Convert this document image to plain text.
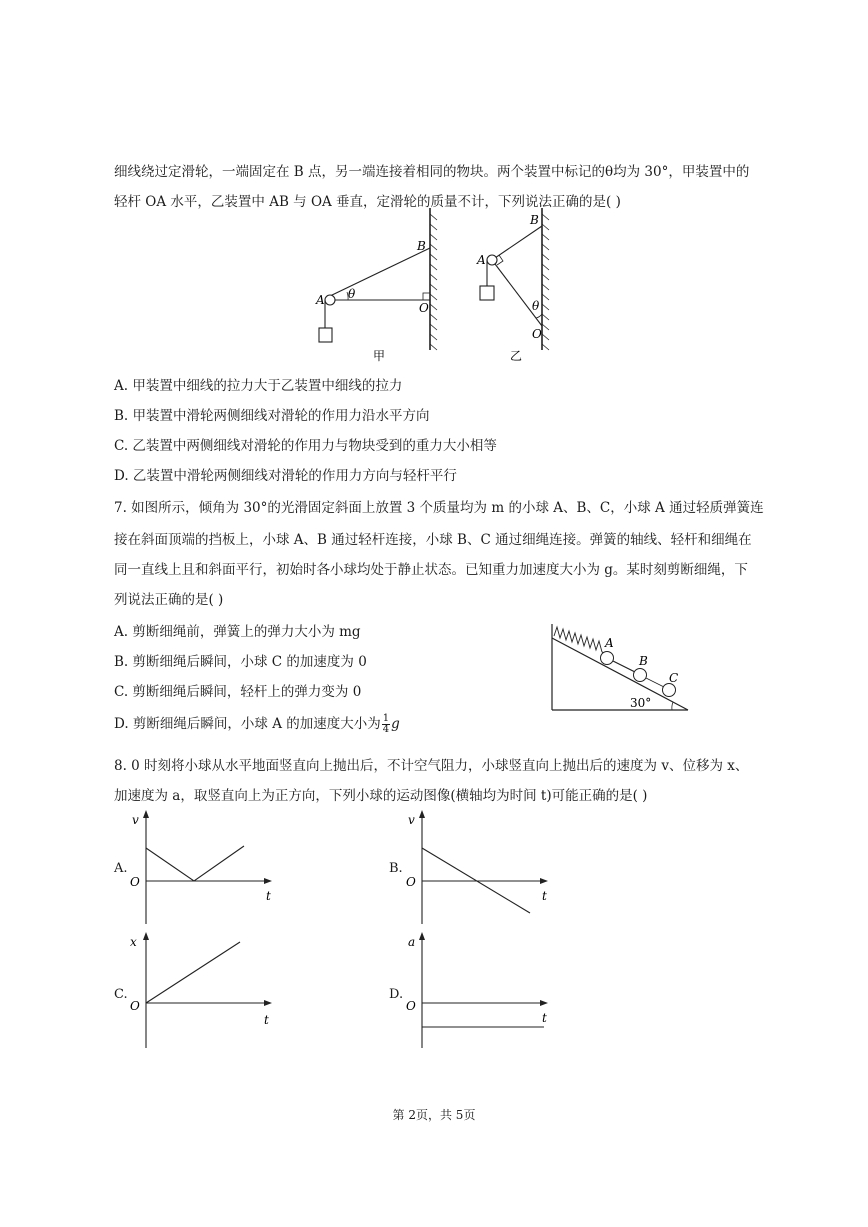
细线绕过定滑轮，一端固定在 B 点，另一端连接着相同的物块。两个装置中标记的θ均为 30°，甲装置中的
轻杆 OA 水平，乙装置中 AB 与 OA 垂直，定滑轮的质量不计，下列说法正确的是( )
A
B
O
θ
甲
A
B
O
θ
乙
A. 甲装置中细线的拉力大于乙装置中细线的拉力
B. 甲装置中滑轮两侧细线对滑轮的作用力沿水平方向
C. 乙装置中两侧细线对滑轮的作用力与物块受到的重力大小相等
D. 乙装置中滑轮两侧细线对滑轮的作用力方向与轻杆平行
7. 如图所示，倾角为 30°的光滑固定斜面上放置 3 个质量均为 m 的小球 A、B、C，小球 A 通过轻质弹簧连
接在斜面顶端的挡板上，小球 A、B 通过轻杆连接，小球 B、C 通过细绳连接。弹簧的轴线、轻杆和细绳在
同一直线上且和斜面平行，初始时各小球均处于静止状态。已知重力加速度大小为 g。某时刻剪断细绳，下
列说法正确的是( )
A. 剪断细绳前，弹簧上的弹力大小为 mg
B. 剪断细绳后瞬间，小球 C 的加速度为 0
C. 剪断细绳后瞬间，轻杆上的弹力变为 0
D. 剪断细绳后瞬间，小球 A 的加速度大小为 $\frac{1}{4}$ g
A
B
C
30°
8. 0 时刻将小球从水平地面竖直向上抛出后，不计空气阻力，小球竖直向上抛出后的速度为 v、位移为 x、
加速度为 a，取竖直向上为正方向，下列小球的运动图像(横轴均为时间 t)可能正确的是( )
A.
v
t
O
B.
v
t
O
C.
x
t
O
D.
a
t
O
第 2页，共 5页
